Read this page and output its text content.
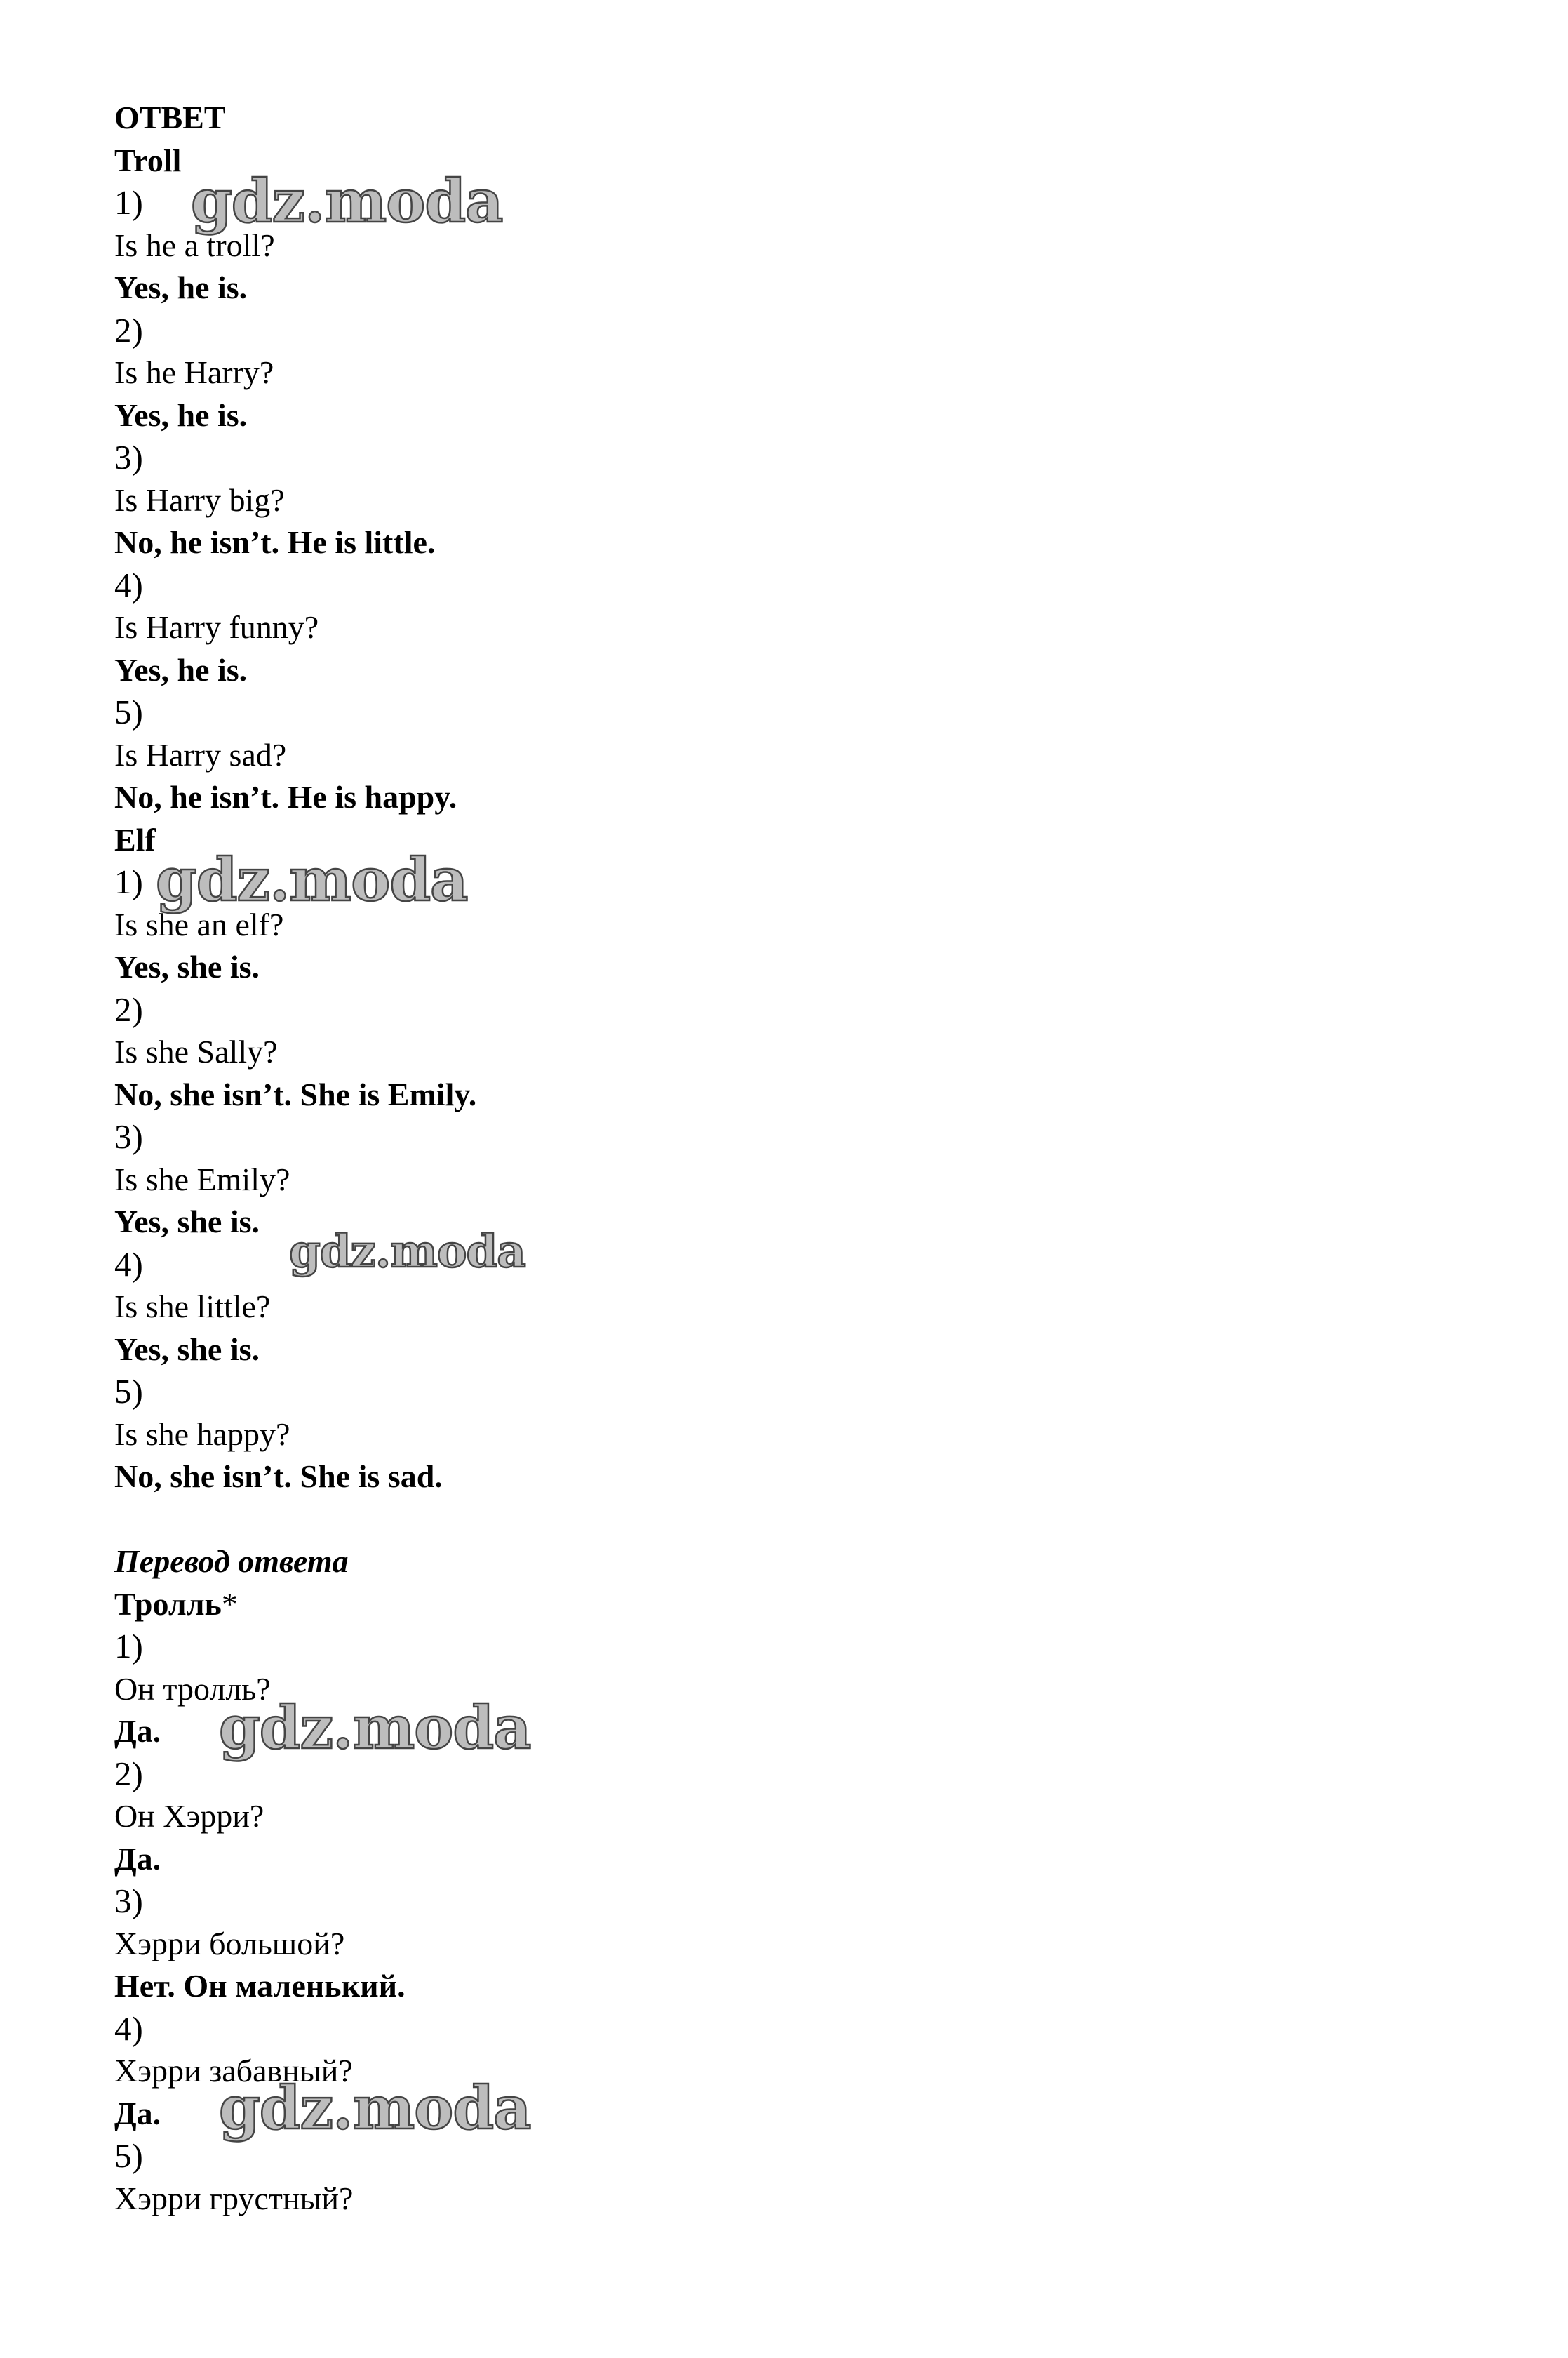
ОТВЕТ
Troll
1)
Is he a troll?
Yes, he is.
2)
Is he Harry?
Yes, he is.
3)
Is Harry big?
No, he isn’t. He is little.
4)
Is Harry funny?
Yes, he is.
5)
Is Harry sad?
No, he isn’t. He is happy.
Elf
1)
Is she an elf?
Yes, she is.
2)
Is she Sally?
No, she isn’t. She is Emily.
3)
Is she Emily?
Yes, she is.
4)
Is she little?
Yes, she is.
5)
Is she happy?
No, she isn’t. She is sad.
Перевод ответа
Тролль*
1)
Он тролль?
Да.
2)
Он Хэрри?
Да.
3)
Хэрри большой?
Нет. Он маленький.
4)
Хэрри забавный?
Да.
5)
Хэрри грустный?
gdz.moda
gdz.moda
gdz.moda
gdz.moda
gdz.moda
